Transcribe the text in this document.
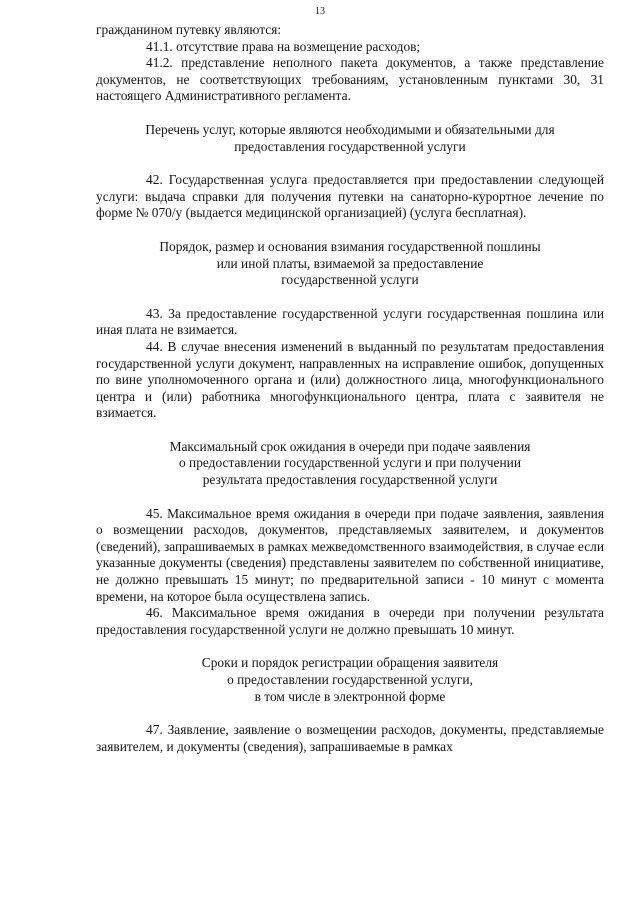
13

гражданином путевку являются:

41.1. отсутствие права на возмещение расходов;

41.2. представление неполного пакета документов, а также представление документов, не соответствующих требованиям, установленным пунктами 30, 31 настоящего Административного регламента.

Перечень услуг, которые являются необходимыми и обязательными для
предоставления государственной услуги

42. Государственная услуга предоставляется при предоставлении следующей услуги: выдача справки для получения путевки на санаторно-курортное лечение по форме № 070/у (выдается медицинской организацией) (услуга бесплатная).

Порядок, размер и основания взимания государственной пошлины
или иной платы, взимаемой за предоставление
государственной услуги

43. За предоставление государственной услуги государственная пошлина или иная плата не взимается.

44. В случае внесения изменений в выданный по результатам предоставления государственной услуги документ, направленных на исправление ошибок, допущенных по вине уполномоченного органа и (или) должностного лица, многофункционального центра и (или) работника многофункционального центра, плата с заявителя не взимается.

Максимальный срок ожидания в очереди при подаче заявления
о предоставлении государственной услуги и при получении
результата предоставления государственной услуги

45. Максимальное время ожидания в очереди при подаче заявления, заявления о возмещении расходов, документов, представляемых заявителем, и документов (сведений), запрашиваемых в рамках межведомственного взаимодействия, в случае если указанные документы (сведения) представлены заявителем по собственной инициативе, не должно превышать 15 минут; по предварительной записи - 10 минут с момента времени, на которое была осуществлена запись.

46. Максимальное время ожидания в очереди при получении результата предоставления государственной услуги не должно превышать 10 минут.

Сроки и порядок регистрации обращения заявителя
о предоставлении государственной услуги,
в том числе в электронной форме

47. Заявление, заявление о возмещении расходов, документы, представляемые заявителем, и документы (сведения), запрашиваемые в рамках
